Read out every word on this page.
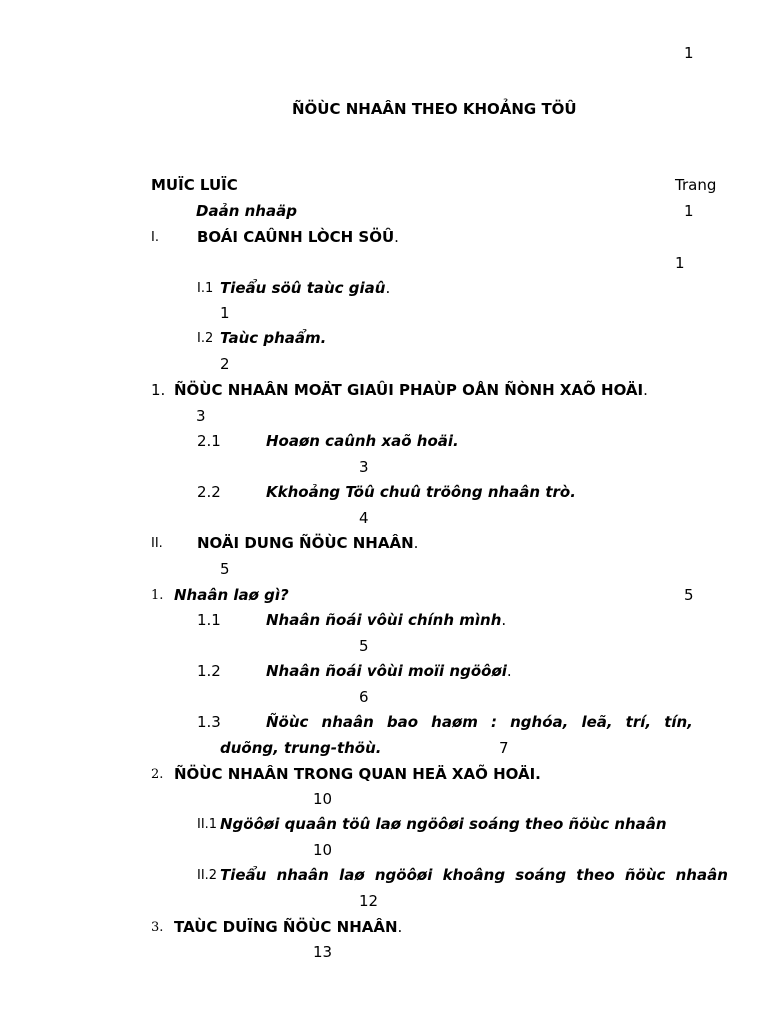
1
ÑÖÙC NHAÂN THEO KHOẢNG TÖÛ
MUÏC LUÏC	Trang
Daản nhaäp	1
I.	BOÁI CAÛNH LÒCH SÖÛ.
1
I.1 Tieẩu söû taùc giaû.
1
I.2 Taùc phaẩm.
2
1. ÑÖÙC NHAÂN MOÄT GIAÛI PHAÙP OÅN ÑÒNH XAÕ HOÄI.
3
2.1	Hoaøn caûnh xaõ hoäi.
3
2.2	Kkhoảng Töû chuû tröông nhaân trò.
4
II. NOÄI DUNG ÑÖÙC NHAÂN.
5
1. Nhaân laø gì?	5
1.1	Nhaân ñoái vôùi chính mình.
5
1.2	Nhaân ñoái vôùi moïi ngöôøi.
6
1.3	Ñöùc nhaân bao haøm : nghóa, leã, trí, tín,
duõng, trung-thöù.	7
2. ÑÖÙC NHAÂN TRONG QUAN HEÄ XAÕ HOÄI.
10
II.1 Ngöôøi quaân töû laø ngöôøi soáng theo ñöùc nhaân
10
II.2 Tieẩu nhaân laø ngöôøi khoâng soáng theo ñöùc nhaân
12
3. TAÙC DUÏNG ÑÖÙC NHAÂN.
13
